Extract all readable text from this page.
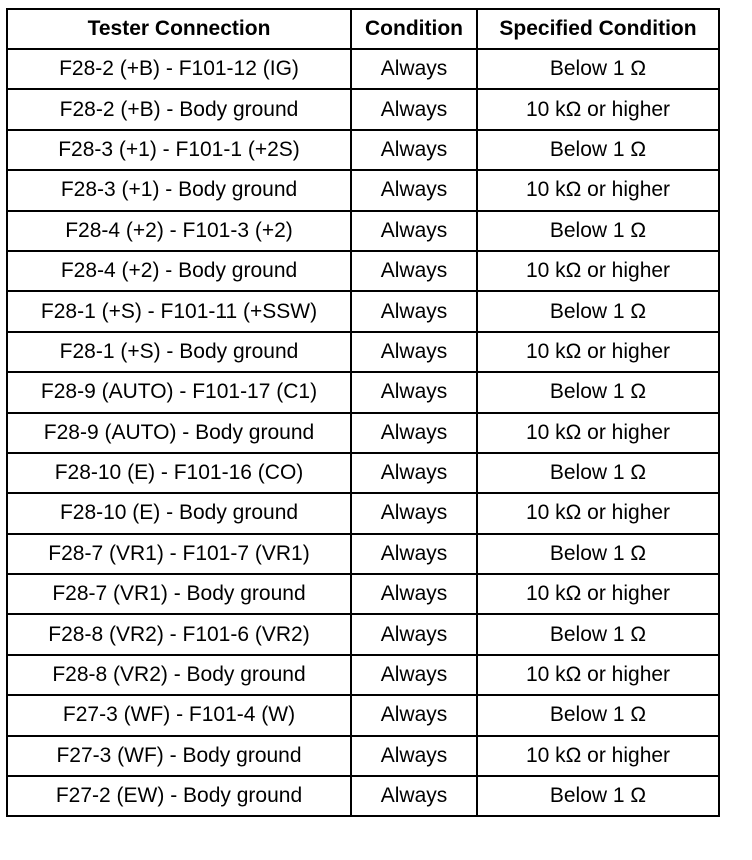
Tester Connection	Condition	Specified Condition
F28-2 (+B) - F101-12 (IG)	Always	Below 1 Ω
F28-2 (+B) - Body ground	Always	10 kΩ or higher
F28-3 (+1) - F101-1 (+2S)	Always	Below 1 Ω
F28-3 (+1) - Body ground	Always	10 kΩ or higher
F28-4 (+2) - F101-3 (+2)	Always	Below 1 Ω
F28-4 (+2) - Body ground	Always	10 kΩ or higher
F28-1 (+S) - F101-11 (+SSW)	Always	Below 1 Ω
F28-1 (+S) - Body ground	Always	10 kΩ or higher
F28-9 (AUTO) - F101-17 (C1)	Always	Below 1 Ω
F28-9 (AUTO) - Body ground	Always	10 kΩ or higher
F28-10 (E) - F101-16 (CO)	Always	Below 1 Ω
F28-10 (E) - Body ground	Always	10 kΩ or higher
F28-7 (VR1) - F101-7 (VR1)	Always	Below 1 Ω
F28-7 (VR1) - Body ground	Always	10 kΩ or higher
F28-8 (VR2) - F101-6 (VR2)	Always	Below 1 Ω
F28-8 (VR2) - Body ground	Always	10 kΩ or higher
F27-3 (WF) - F101-4 (W)	Always	Below 1 Ω
F27-3 (WF) - Body ground	Always	10 kΩ or higher
F27-2 (EW) - Body ground	Always	Below 1 Ω
